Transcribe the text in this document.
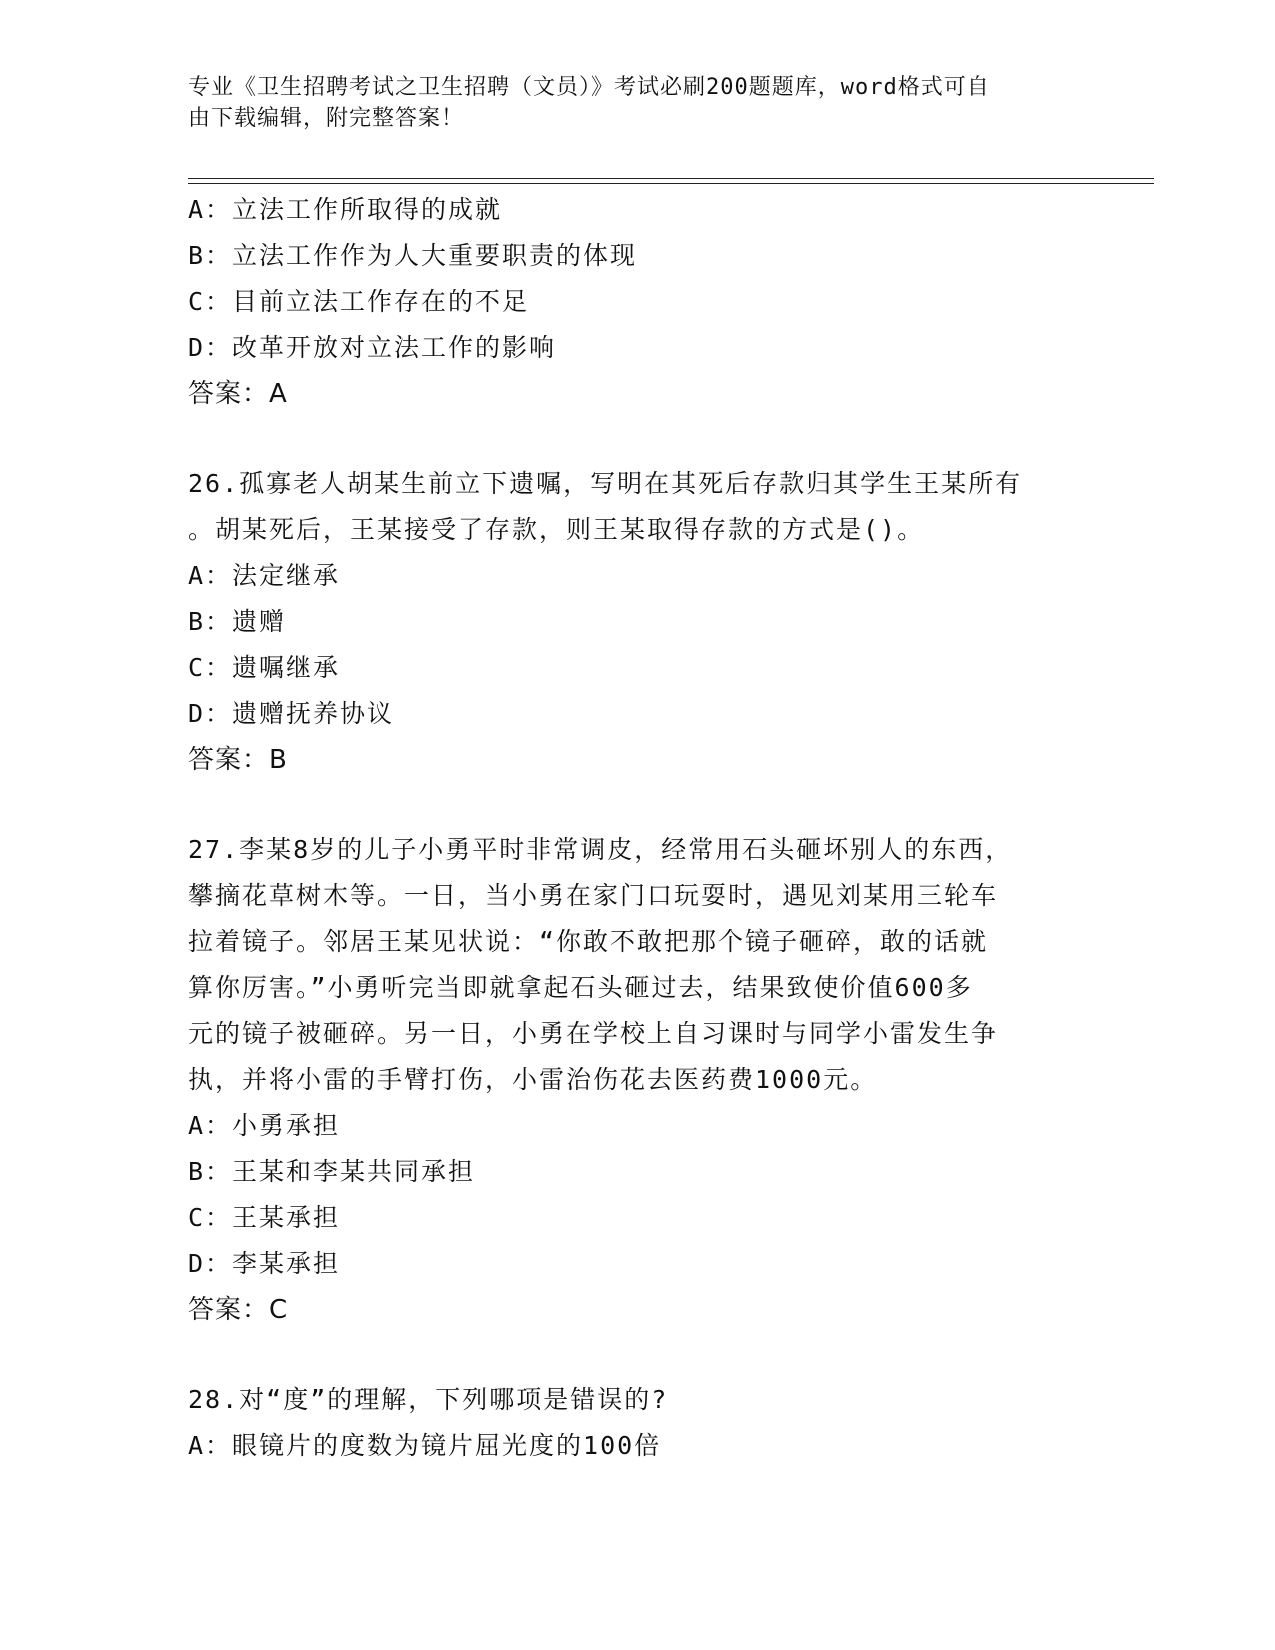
专业《卫生招聘考试之卫生招聘（文员）》考试必刷200题题库，word格式可自
由下载编辑，附完整答案！
A：立法工作所取得的成就
B：立法工作作为人大重要职责的体现
C：目前立法工作存在的不足
D：改革开放对立法工作的影响
答案：A
26.孤寡老人胡某生前立下遗嘱，写明在其死后存款归其学生王某所有
。胡某死后，王某接受了存款，则王某取得存款的方式是()。
A：法定继承
B：遗赠
C：遗嘱继承
D：遗赠抚养协议
答案：B
27.李某8岁的儿子小勇平时非常调皮，经常用石头砸坏别人的东西，
攀摘花草树木等。一日，当小勇在家门口玩耍时，遇见刘某用三轮车
拉着镜子。邻居王某见状说：“你敢不敢把那个镜子砸碎，敢的话就
算你厉害。”小勇听完当即就拿起石头砸过去，结果致使价值600多
元的镜子被砸碎。另一日，小勇在学校上自习课时与同学小雷发生争
执，并将小雷的手臂打伤，小雷治伤花去医药费1000元。
A：小勇承担
B：王某和李某共同承担
C：王某承担
D：李某承担
答案：C
28.对“度”的理解，下列哪项是错误的?
A：眼镜片的度数为镜片屈光度的100倍
